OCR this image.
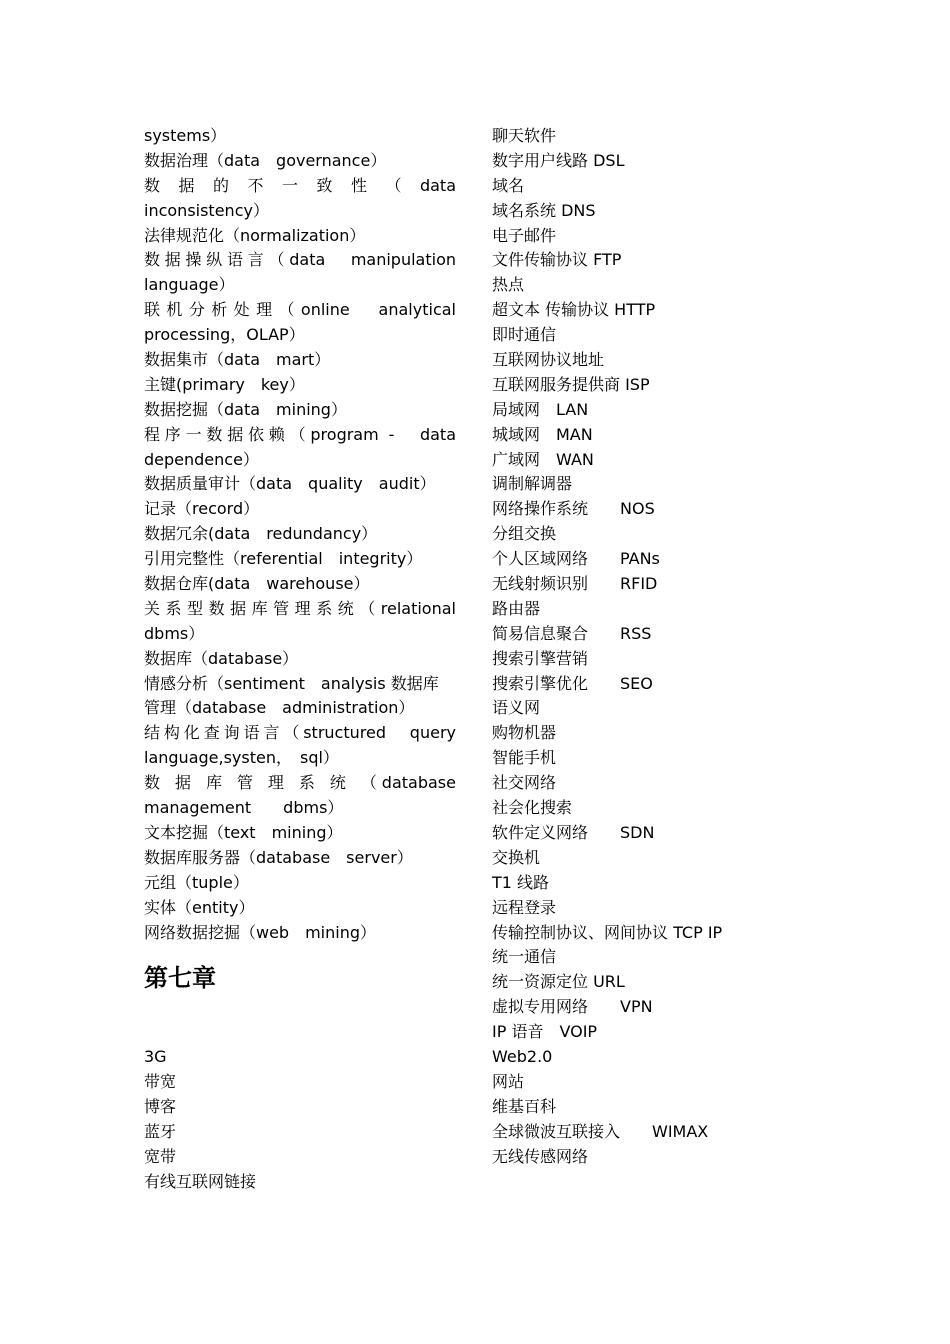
systems）
数据治理（data　governance）
数 据 的 不 一 致 性 （ data
inconsistency）
法律规范化（normalization）
数据操纵语言（data　manipulation
language）
联机分析处理（online　analytical
processing，OLAP）
数据集市（data　mart）
主键(primary　key）
数据挖掘（data　mining）
程序一数据依赖（program -　data
dependence）
数据质量审计（data　quality　audit）
记录（record）
数据冗余(data　redundancy）
引用完整性（referential　integrity）
数据仓库(data　warehouse）
关系型数据库管理系统（relational
dbms）
数据库（database）
情感分析（sentiment　analysis 数据库
管理（database　administration）
结构化查询语言（structured　query
language,systen，　sql）
数 据 库 管 理 系 统 （database
management　　dbms）
文本挖掘（text　mining）
数据库服务器（database　server）
元组（tuple）
实体（entity）
网络数据挖掘（web　mining）
第七章
3G
带宽
博客
蓝牙
宽带
有线互联网链接
聊天软件
数字用户线路 DSL
域名
域名系统 DNS
电子邮件
文件传输协议 FTP
热点
超文本 传输协议 HTTP
即时通信
互联网协议地址
互联网服务提供商 ISP
局域网　LAN
城域网　MAN
广域网　WAN
调制解调器
网络操作系统　　NOS
分组交换
个人区域网络　　PANs
无线射频识别　　RFID
路由器
简易信息聚合　　RSS
搜索引擎营销
搜索引擎优化　　SEO
语义网
购物机器
智能手机
社交网络
社会化搜索
软件定义网络　　SDN
交换机
T1 线路
远程登录
传输控制协议、网间协议 TCP IP
统一通信
统一资源定位 URL
虚拟专用网络　　VPN
IP 语音　VOIP
Web2.0
网站
维基百科
全球微波互联接入　　WIMAX
无线传感网络
